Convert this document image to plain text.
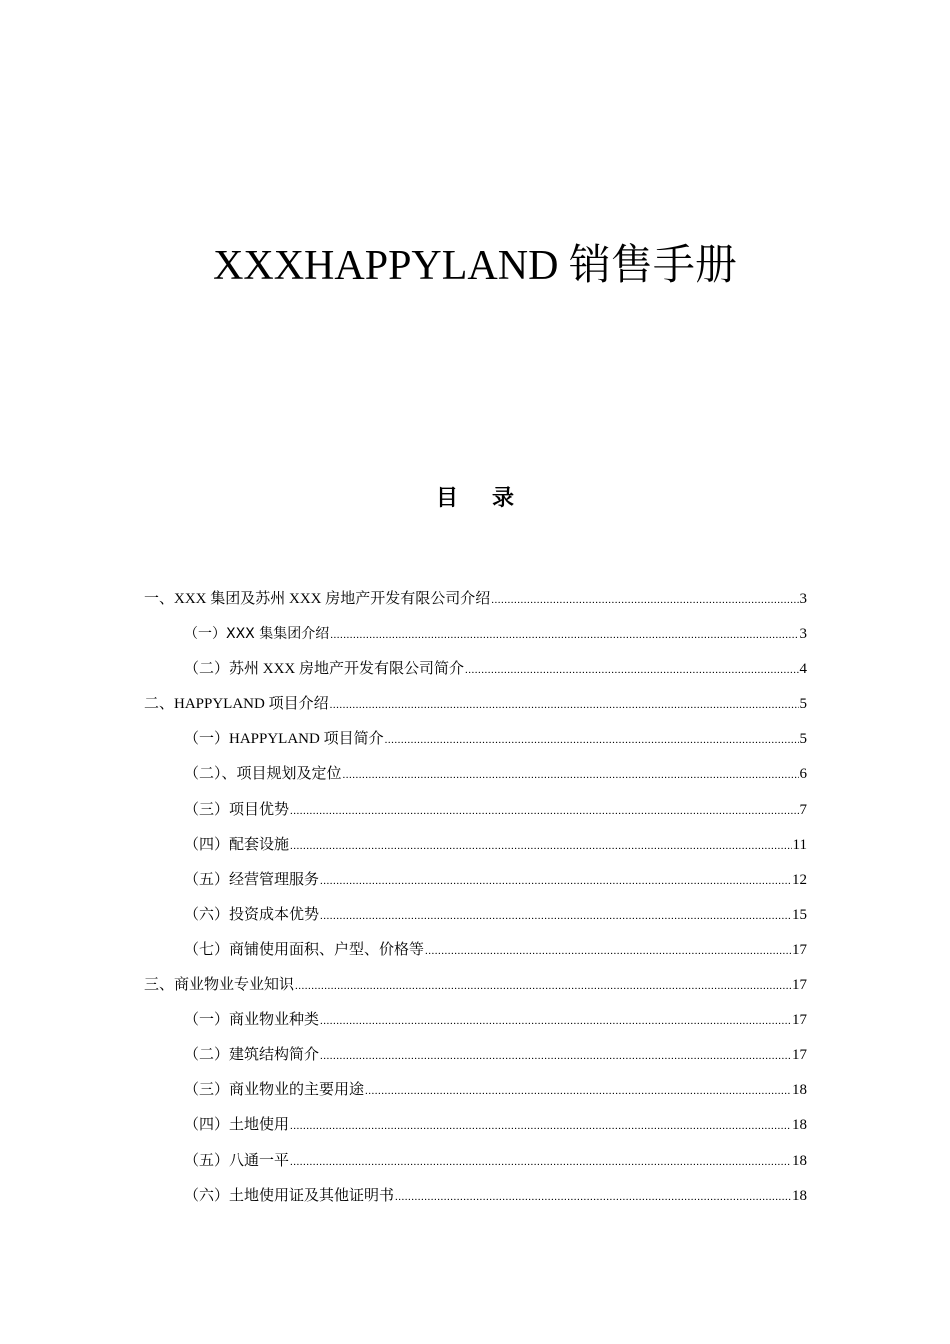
XXXHAPPYLAND 销售手册
目 录
一、XXX 集团及苏州 XXX 房地产开发有限公司介绍 .....	3
（一）XXX 集集团介绍 .....	3
（二）苏州 XXX 房地产开发有限公司简介 .....	4
二、HAPPYLAND 项目介绍 .....	5
（一）HAPPYLAND 项目简介 .....	5
（二）、项目规划及定位 .....	6
（三）项目优势 .....	7
（四）配套设施 .....	11
（五）经营管理服务 .....	12
（六）投资成本优势 .....	15
（七）商铺使用面积、户型、价格等 .....	17
三、商业物业专业知识 .....	17
（一）商业物业种类 .....	17
（二）建筑结构简介 .....	17
（三）商业物业的主要用途 .....	18
（四）土地使用 .....	18
（五）八通一平 .....	18
（六）土地使用证及其他证明书 .....	18
